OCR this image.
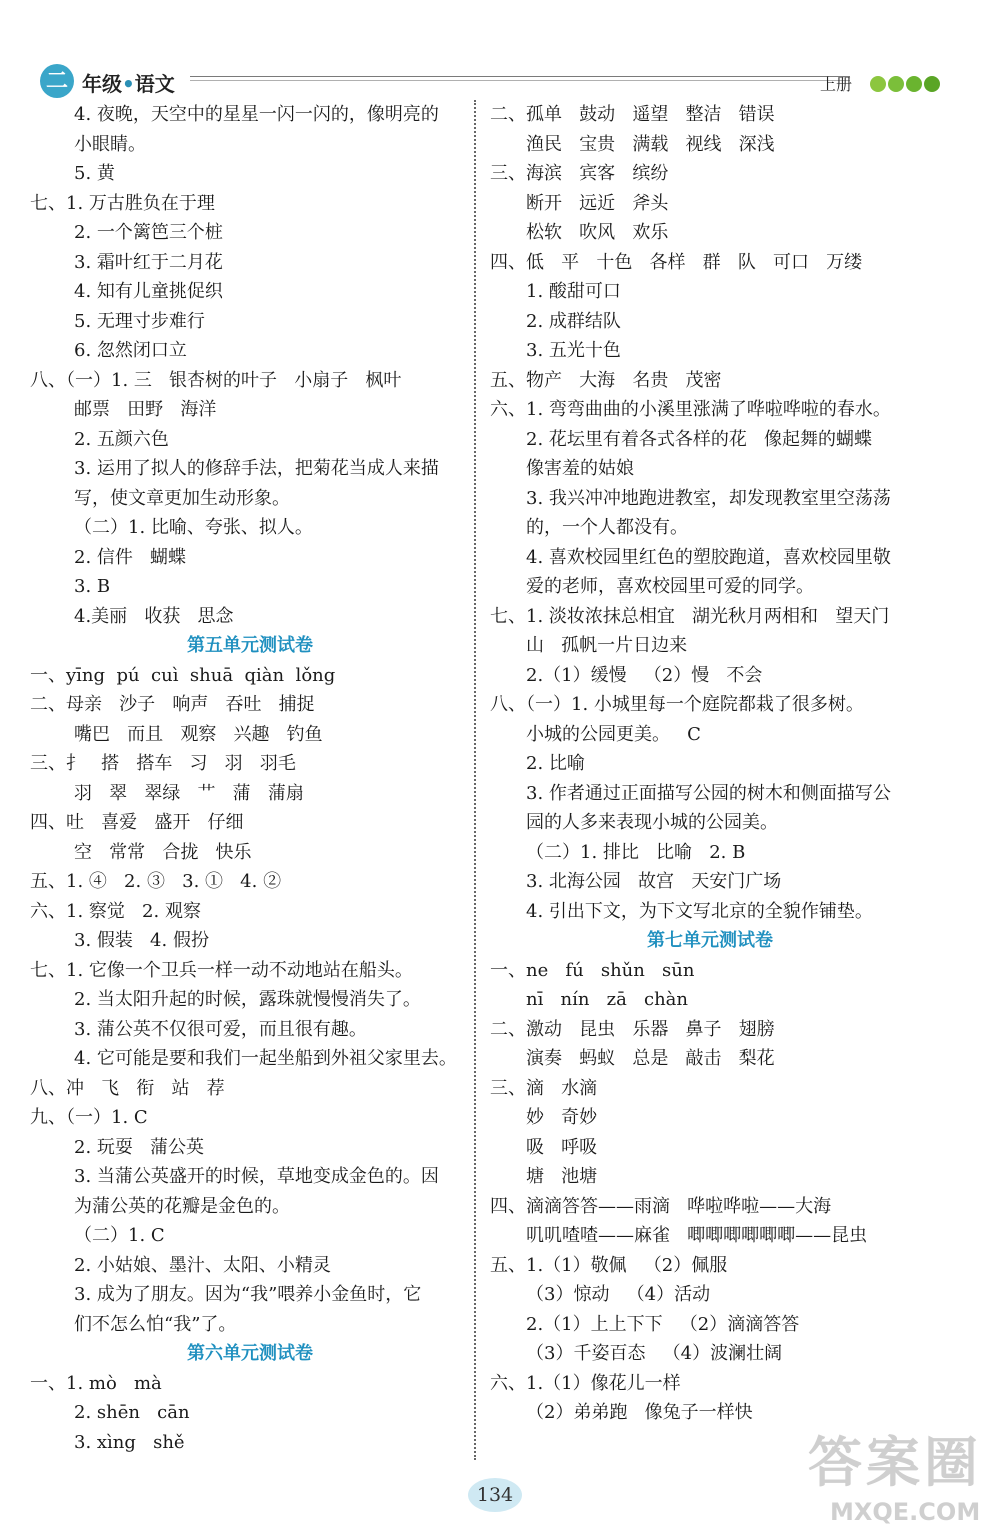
二 年级•语文	上册
4. 夜晚，天空中的星星一闪一闪的，像明亮的
小眼睛。
5. 黄
七、1. 万古胜负在于理
2. 一个篱笆三个桩
3. 霜叶红于二月花
4. 知有儿童挑促织
5. 无理寸步难行
6. 忽然闭口立
八、（一）1. 三   银杏树的叶子   小扇子   枫叶
邮票   田野   海洋
2. 五颜六色
3. 运用了拟人的修辞手法，把菊花当成人来描
写，使文章更加生动形象。
（二）1. 比喻、夸张、拟人。
2. 信件   蝴蝶
3. B
4.美丽   收获   思念
第五单元测试卷
一、yīng  pú  cuì  shuā  qiàn  lǒng
二、母亲   沙子   响声   吞吐   捕捉
嘴巴   而且   观察   兴趣   钓鱼
三、扌   搭   搭车   习   羽   羽毛
羽   翠   翠绿   艹   蒲   蒲扇
四、吐   喜爱   盛开   仔细
空   常常   合拢   快乐
五、1. ④   2. ③   3. ①   4. ②
六、1. 察觉   2. 观察
3. 假装   4. 假扮
七、1. 它像一个卫兵一样一动不动地站在船头。
2. 当太阳升起的时候，露珠就慢慢消失了。
3. 蒲公英不仅很可爱，而且很有趣。
4. 它可能是要和我们一起坐船到外祖父家里去。
八、冲   飞   衔   站   荐
九、（一）1. C
2. 玩耍   蒲公英
3. 当蒲公英盛开的时候，草地变成金色的。因
为蒲公英的花瓣是金色的。
（二）1. C
2. 小姑娘、墨汁、太阳、小精灵
3. 成为了朋友。因为“我”喂养小金鱼时，它
们不怎么怕“我”了。
第六单元测试卷
一、1. mò   mà
2. shēn   cān
3. xìng   shě
二、孤单   鼓动   遥望   整洁   错误
渔民   宝贵   满载   视线   深浅
三、海滨   宾客   缤纷
断开   远近   斧头
松软   吹风   欢乐
四、低   平   十色   各样   群   队   可口   万缕
1. 酸甜可口
2. 成群结队
3. 五光十色
五、物产   大海   名贵   茂密
六、1. 弯弯曲曲的小溪里涨满了哗啦哗啦的春水。
2. 花坛里有着各式各样的花   像起舞的蝴蝶
像害羞的姑娘
3. 我兴冲冲地跑进教室，却发现教室里空荡荡
的，一个人都没有。
4. 喜欢校园里红色的塑胶跑道，喜欢校园里敬
爱的老师，喜欢校园里可爱的同学。
七、1. 淡妆浓抹总相宜   湖光秋月两相和   望天门
山   孤帆一片日边来
2.（1）缓慢   （2）慢   不会
八、（一）1. 小城里每一个庭院都栽了很多树。
小城的公园更美。   C
2. 比喻
3. 作者通过正面描写公园的树木和侧面描写公
园的人多来表现小城的公园美。
（二）1. 排比   比喻   2. B
3. 北海公园   故宫   天安门广场
4. 引出下文，为下文写北京的全貌作铺垫。
第七单元测试卷
一、ne   fú   shǔn   sūn
nī   nín   zā   chàn
二、激动   昆虫   乐器   鼻子   翅膀
演奏   蚂蚁   总是   敲击   梨花
三、滴   水滴
妙   奇妙
吸   呼吸
塘   池塘
四、滴滴答答——雨滴   哗啦哗啦——大海
叽叽喳喳——麻雀   唧唧唧唧唧唧——昆虫
五、1.（1）敬佩   （2）佩服
（3）惊动   （4）活动
2.（1）上上下下   （2）滴滴答答
（3）千姿百态   （4）波澜壮阔
六、1.（1）像花儿一样
（2）弟弟跑   像兔子一样快
134
答案圈
MXQE.COM
